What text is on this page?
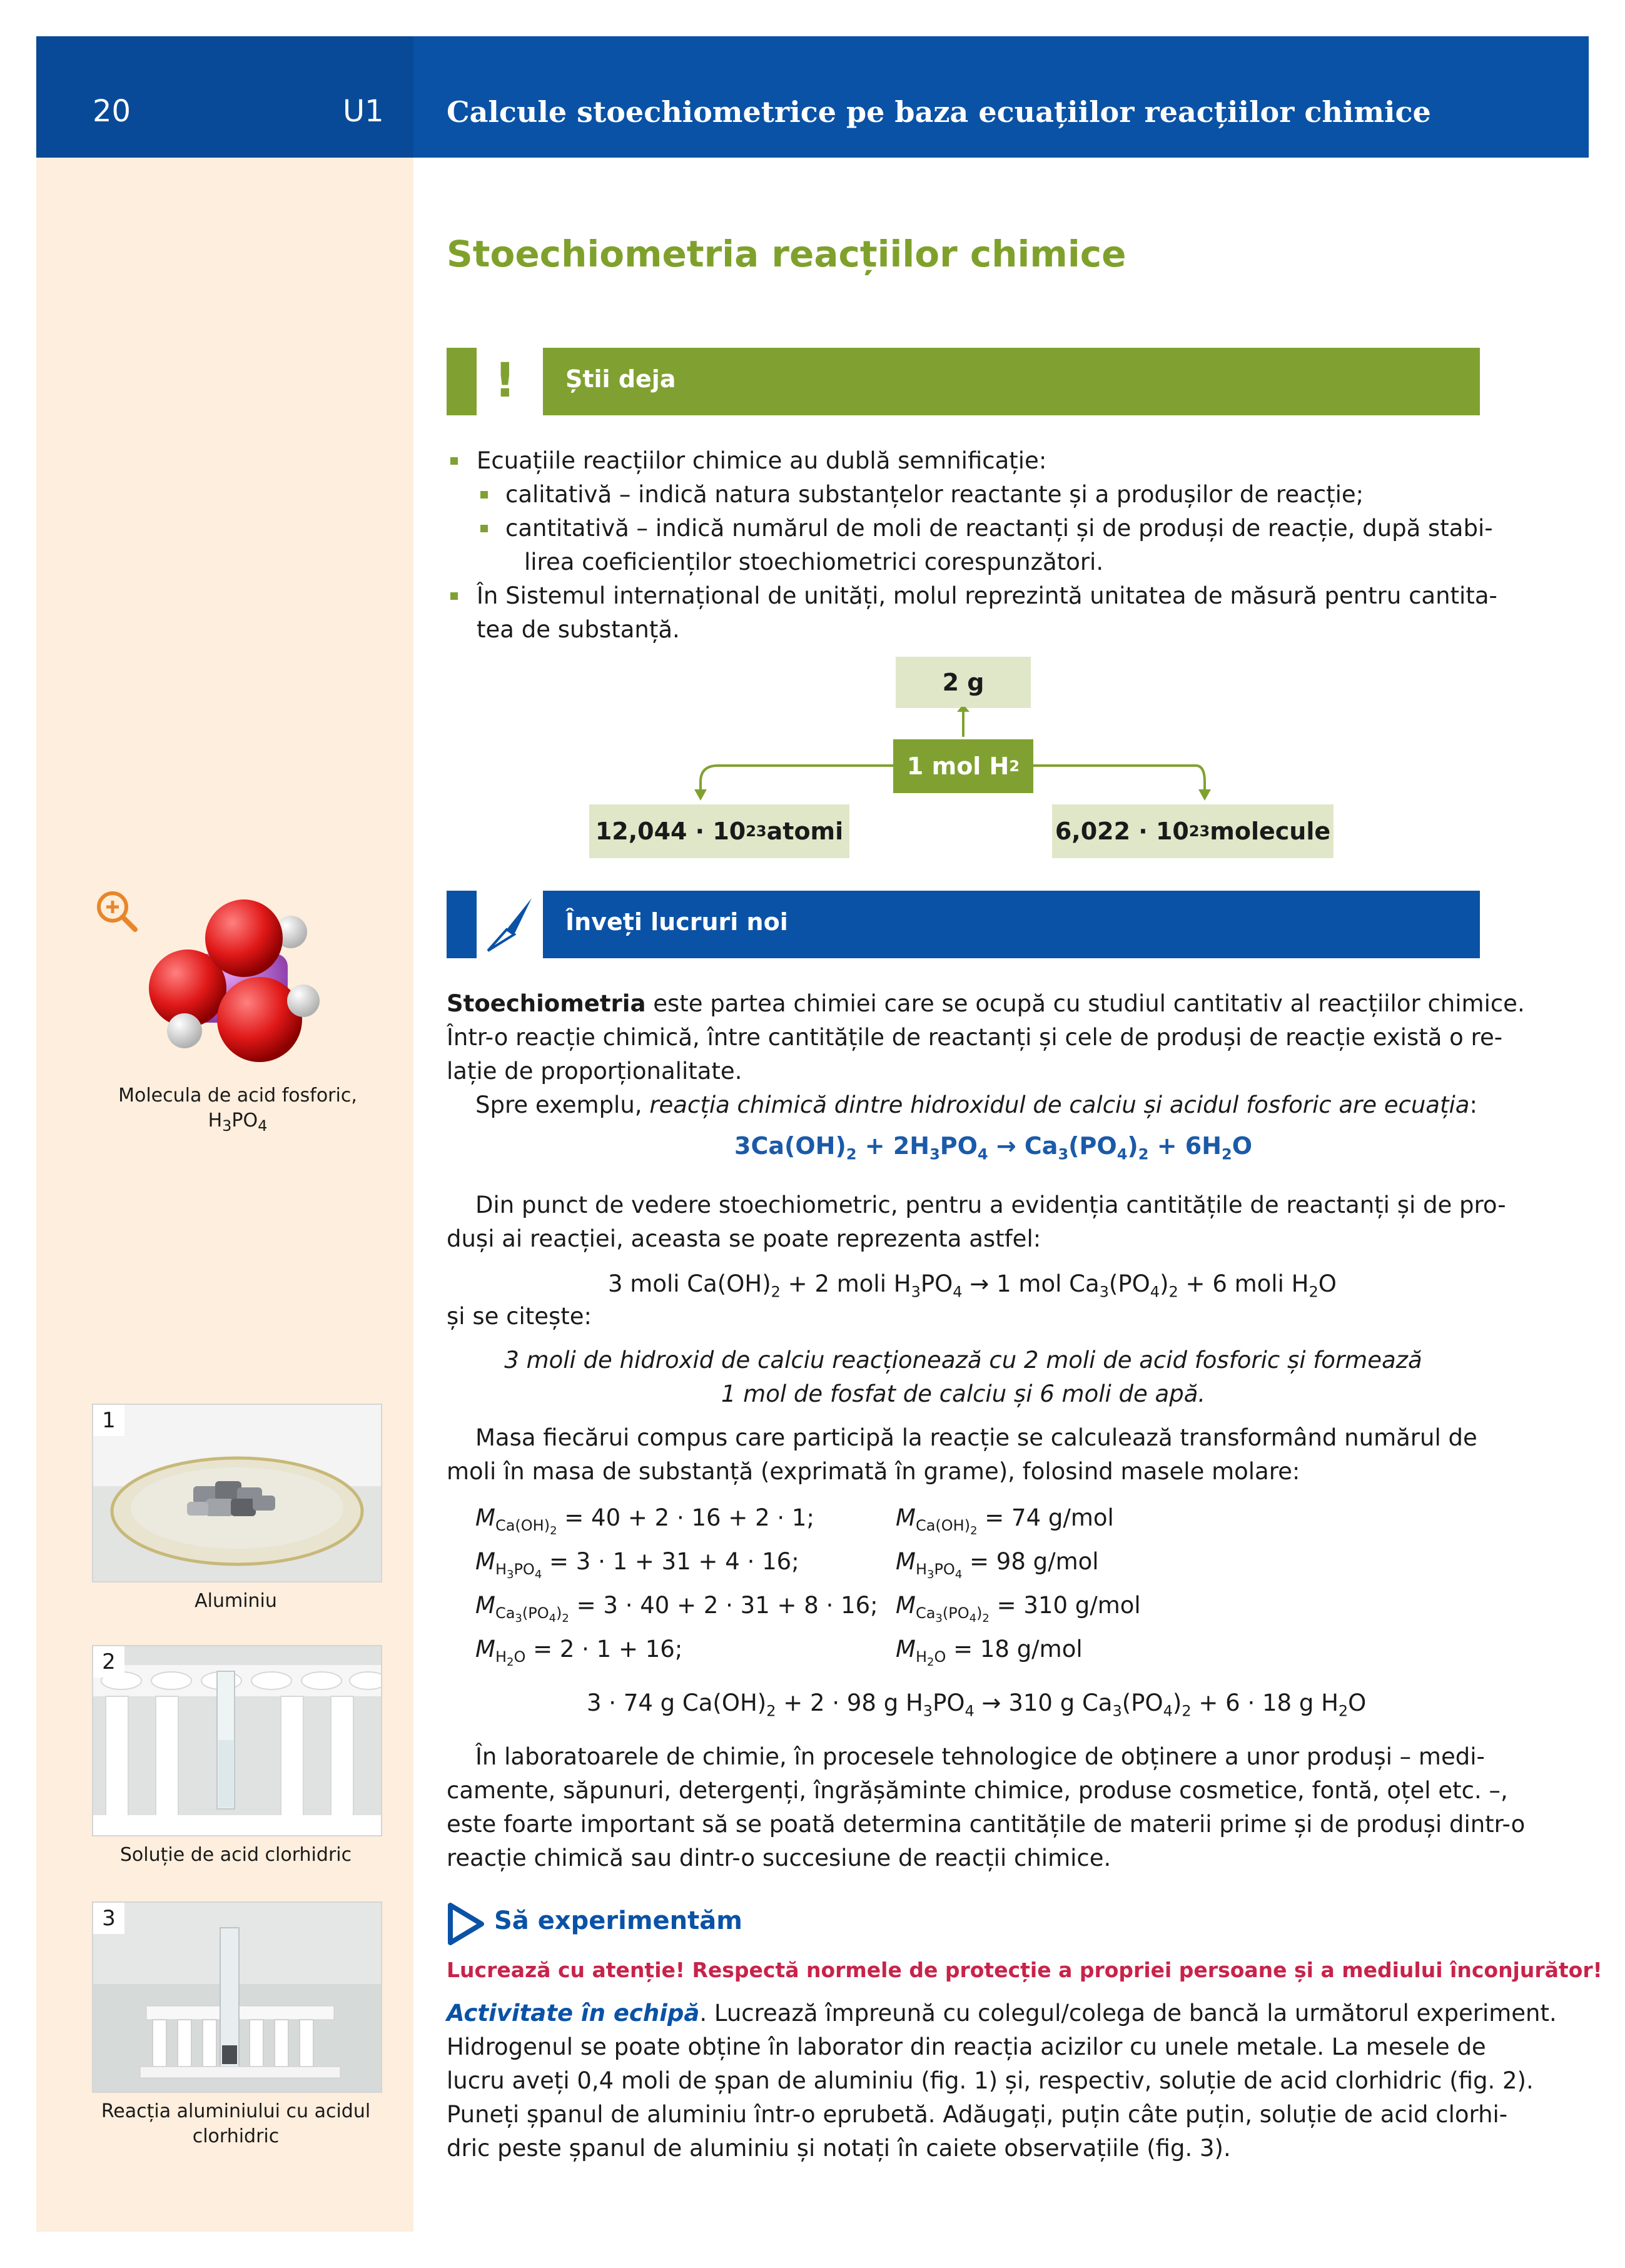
20	U1 Calcule stoechiometrice pe baza ecuațiilor reacțiilor chimice
Molecula de acid fosforic,
$H_3PO_4$
1
Aluminiu
2
Soluție de acid clorhidric
3
Reacția aluminiului cu acidul clorhidric
Stoechiometria reacțiilor chimice
! Știi deja
Ecuațiile reacțiilor chimice au dublă semnificație:
calitativă – indică natura substanțelor reactante și a produșilor de reacție;
cantitativă – indică numărul de moli de reactanți și de produși de reacție, după stabi-
lirea coeficienților stoechiometrici corespunzători.
În Sistemul internațional de unități, molul reprezintă unitatea de măsură pentru cantita-
tea de substanță.
2 g
1 mol H 2
12,044 · 10 23 atomi	6,022 · 10 23 molecule
Înveți lucruri noi
Stoechiometria este partea chimiei care se ocupă cu studiul cantitativ al reacțiilor chimice.
Într-o reacție chimică, între cantitățile de reactanți și cele de produși de reacție există o re-
lație de proporționalitate.
Spre exemplu, reacția chimică dintre hidroxidul de calciu și acidul fosforic are ecuația:
$3Ca(OH)_2 + 2H_3PO_4 \to Ca_3(PO_4)_2 + 6H_2O$
Din punct de vedere stoechiometric, pentru a evidenția cantitățile de reactanți și de pro-
duși ai reacției, aceasta se poate reprezenta astfel:
3 moli $Ca(OH)_2 + 2$ moli $H_3PO_4 \to 1$ mol $Ca_3(PO_4)_2 + 6$ moli $H_2O$
și se citește:
3 moli de hidroxid de calciu reacționează cu 2 moli de acid fosforic și formează
1 mol de fosfat de calciu și 6 moli de apă.
Masa fiecărui compus care participă la reacție se calculează transformând numărul de
moli în masa de substanță (exprimată în grame), folosind masele molare:
$M_{Ca(OH)_2} = 40 + 2 \cdot 16 + 2 \cdot 1$;	$M_{Ca(OH)_2} = 74$ g/mol
$M_{H_3PO_4} = 3 \cdot 1 + 31 + 4 \cdot 16$;	$M_{H_3PO_4} = 98$ g/mol
$M_{Ca_3(PO_4)_2} = 3 \cdot 40 + 2 \cdot 31 + 8 \cdot 16$; $M_{Ca_3(PO_4)_2} = 310$ g/mol
$M_{H_2O} = 2 \cdot 1 + 16$;	$M_{H_2O} = 18$ g/mol
3 · 74 g $Ca(OH)_2 + 2 \cdot 98$ g $H_3PO_4 \to 310$ g $Ca_3(PO_4)_2 + 6 \cdot 18$ g $H_2O$
În laboratoarele de chimie, în procesele tehnologice de obținere a unor produși – medi-
camente, săpunuri, detergenți, îngrășăminte chimice, produse cosmetice, fontă, oțel etc. –,
este foarte important să se poată determina cantitățile de materii prime și de produși dintr-o
reacție chimică sau dintr-o succesiune de reacții chimice.
Să experimentăm
Lucrează cu atenție! Respectă normele de protecție a propriei persoane și a mediului înconjurător!
Activitate în echipă. Lucrează împreună cu colegul/colega de bancă la următorul experiment.
Hidrogenul se poate obține în laborator din reacția acizilor cu unele metale. La mesele de
lucru aveți 0,4 moli de șpan de aluminiu (fig. 1) și, respectiv, soluție de acid clorhidric (fig. 2).
Puneți șpanul de aluminiu într-o eprubetă. Adăugați, puțin câte puțin, soluție de acid clorhi-
dric peste șpanul de aluminiu și notați în caiete observațiile (fig. 3).
